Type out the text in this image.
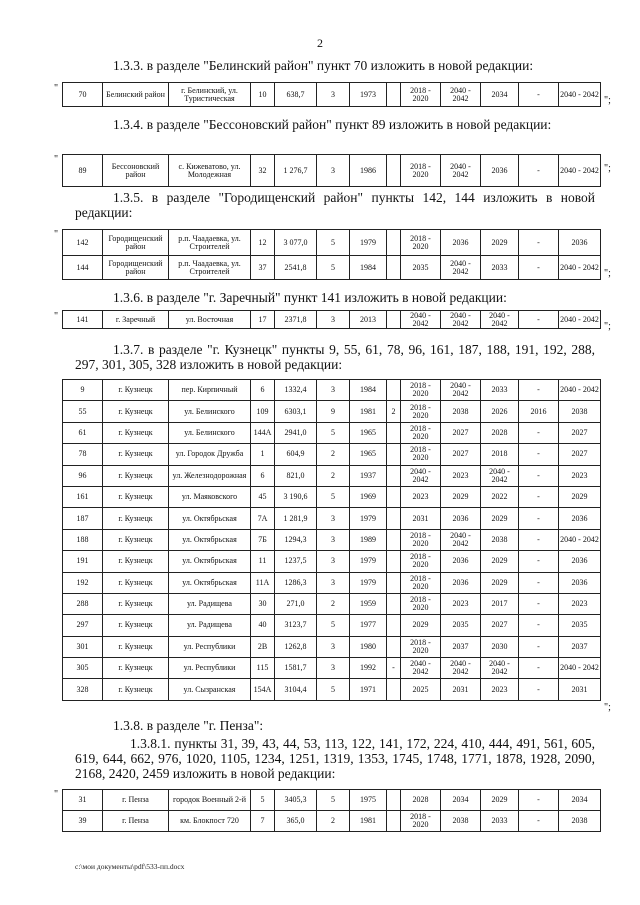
2
1.3.3. в разделе "Белинский район" пункт 70 изложить в новой редакции:
"	70	Белинский район	г. Белинский, ул. Туристическая	10	638,7	3	1973		2018 - 2020	2040 - 2042	2034	-	2040 - 2042
";
1.3.4. в разделе "Бессоновский район" пункт 89 изложить в новой редакции:
"
89	Бессоновский район	с. Кижеватово, ул. Молодежная	32	1 276,7	3	1986		2018 - 2020	2040 - 2042	2036	-	2040 - 2042 ";
1.3.5. в разделе "Городищенский район" пункты 142, 144 изложить в новой редакции:
"
142	Городищенский район	р.п. Чаадаевка, ул. Строителей	12	3 077,0	5	1979		2018 - 2020	2036	2029	-	2036
144	Городищенский район	р.п. Чаадаевка, ул. Строителей	37	2541,8	5	1984		2035	2040 - 2042	2033	-	2040 - 2042
";
1.3.6. в разделе "г. Заречный" пункт 141 изложить в новой редакции:
" 141	г. Заречный	ул. Восточная	17	2371,8	3	2013		2040 - 2042	2040 - 2042	2040 - 2042	-	2040 - 2042
";
1.3.7. в разделе "г. Кузнецк" пункты 9, 55, 61, 78, 96, 161, 187, 188, 191, 192, 288, 297, 301, 305, 328 изложить в новой редакции:
9	г. Кузнецк	пер. Кирпичный	6	1332,4	3	1984		2018 - 2020	2040 - 2042	2033	-	2040 - 2042
55	г. Кузнецк	ул. Белинского	109	6303,1	9	1981	2	2018 - 2020	2038	2026	2016	2038
61	г. Кузнецк	ул. Белинского	144А	2941,0	5	1965		2018 - 2020	2027	2028	-	2027
78	г. Кузнецк	ул. Городок Дружба	1	604,9	2	1965		2018 - 2020	2027	2018	-	2027
96	г. Кузнецк	ул. Железнодорожная	6	821,0	2	1937		2040 - 2042	2023	2040 - 2042	-	2023
161	г. Кузнецк	ул. Маяковского	45	3 190,6	5	1969		2023	2029	2022	-	2029
187	г. Кузнецк	ул. Октябрьская	7А	1 281,9	3	1979		2031	2036	2029	-	2036
188	г. Кузнецк	ул. Октябрьская	7Б	1294,3	3	1989		2018 - 2020	2040 - 2042	2038	-	2040 - 2042
191	г. Кузнецк	ул. Октябрьская	11	1237,5	3	1979		2018 - 2020	2036	2029	-	2036
192	г. Кузнецк	ул. Октябрьская	11А	1286,3	3	1979		2018 - 2020	2036	2029	-	2036
288	г. Кузнецк	ул. Радищева	30	271,0	2	1959		2018 - 2020	2023	2017	-	2023
297	г. Кузнецк	ул. Радищева	40	3123,7	5	1977		2029	2035	2027	-	2035
301	г. Кузнецк	ул. Республики	2В	1262,8	3	1980		2018 - 2020	2037	2030	-	2037
305	г. Кузнецк	ул. Республики	115	1581,7	3	1992	-	2040 - 2042	2040 - 2042	2040 - 2042	-	2040 - 2042
328	г. Кузнецк	ул. Сызранская	154А	3104,4	5	1971		2025	2031	2023	-	2031
";
1.3.8. в разделе "г. Пенза":
1.3.8.1. пункты 31, 39, 43, 44, 53, 113, 122, 141, 172, 224, 410, 444, 491, 561, 605, 619, 644, 662, 976, 1020, 1105, 1234, 1251, 1319, 1353, 1745, 1748, 1771, 1878, 1928, 2090, 2168, 2420, 2459 изложить в новой редакции:
"	31	г. Пенза	городок Военный 2-й	5	3405,3	5	1975		2028	2034	2029	-	2034
39	г. Пенза	км. Блокпост 720	7	365,0	2	1981		2018 - 2020	2038	2033	-	2038
c:\мои документы\pdf\533-пп.docx
